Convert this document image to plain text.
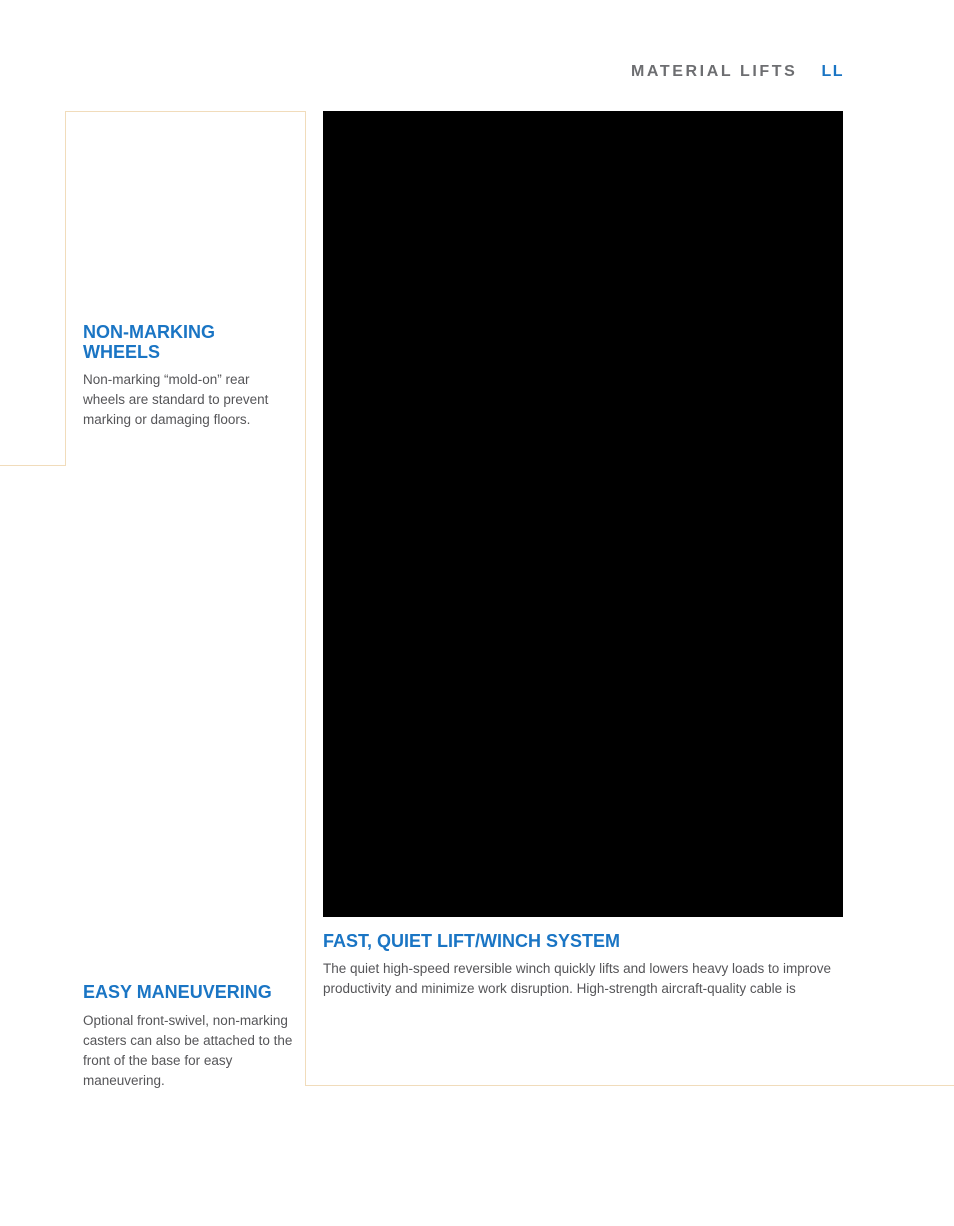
MATERIAL LIFTS LL
NON-MARKING
WHEELS

Non-marking “mold-on” rear wheels are standard to prevent marking or damaging floors.

EASY MANEUVERING

Optional front-swivel, non-marking casters can also be attached to the front of the base for easy maneuvering.

FAST, QUIET LIFT/WINCH SYSTEM

The quiet high-speed reversible winch quickly lifts and lowers heavy loads to improve productivity and minimize work disruption. High-strength aircraft-quality cable is
